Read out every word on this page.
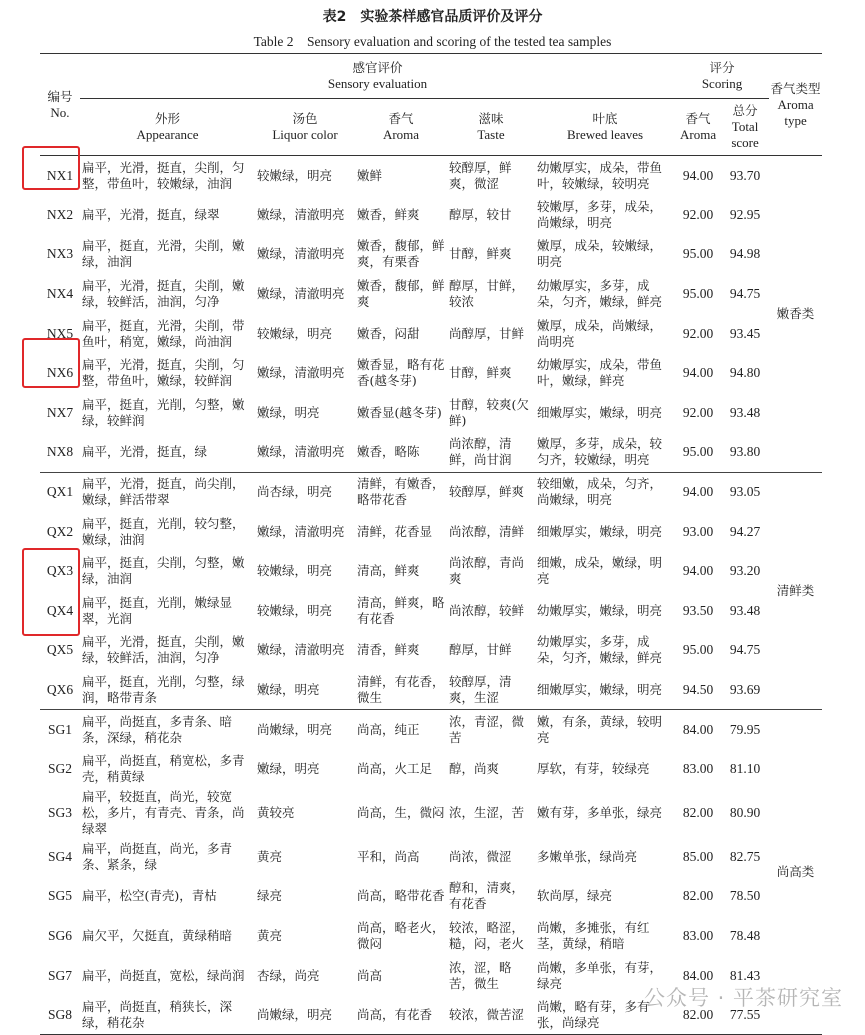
表2　实验茶样感官品质评价及评分
Table 2　Sensory evaluation and scoring of the tested tea samples
编号
No.	感官评价
Sensory evaluation					评分
Scoring		香气类型
Aroma type

	外形
Appearance	汤色
Liquor color	香气
Aroma	滋味
Taste	叶底
Brewed leaves	香气
Aroma	总分
Total score	

NX1	扁平，光滑，挺直，尖削，匀整，带鱼叶，较嫩绿，油润	较嫩绿，明亮	嫩鲜	较醇厚，鲜爽，微涩	幼嫩厚实，成朵，带鱼叶，较嫩绿，较明亮	94.00	93.70	嫩香类
NX2	扁平，光滑，挺直，绿翠	嫩绿，清澈明亮	嫩香，鲜爽	醇厚，较甘	较嫩厚，多芽，成朵，尚嫩绿，明亮	92.00	92.95	
NX3	扁平，挺直，光滑，尖削，嫩绿，油润	嫩绿，清澈明亮	嫩香，馥郁，鲜爽，有栗香	甘醇，鲜爽	嫩厚，成朵，较嫩绿，明亮	95.00	94.98	
NX4	扁平，光滑，挺直，尖削，嫩绿，较鲜活，油润，匀净	嫩绿，清澈明亮	嫩香，馥郁，鲜爽	醇厚，甘鲜，较浓	幼嫩厚实，多芽，成朵，匀齐，嫩绿，鲜亮	95.00	94.75	
NX5	扁平，挺直，光滑，尖削，带鱼叶，稍宽，嫩绿，尚油润	较嫩绿，明亮	嫩香，闷甜	尚醇厚，甘鲜	嫩厚，成朵，尚嫩绿，尚明亮	92.00	93.45	
NX6	扁平，光滑，挺直，尖削，匀整，带鱼叶，嫩绿，较鲜润	嫩绿，清澈明亮	嫩香显，略有花香(越冬芽)	甘醇，鲜爽	幼嫩厚实，成朵，带鱼叶，嫩绿，鲜亮	94.00	94.80	
NX7	扁平，挺直，光削，匀整，嫩绿，较鲜润	嫩绿，明亮	嫩香显(越冬芽)	甘醇，较爽(欠鲜)	细嫩厚实，嫩绿，明亮	92.00	93.48	
NX8	扁平，光滑，挺直，绿	嫩绿，清澈明亮	嫩香，略陈	尚浓醇，清鲜，尚甘润	嫩厚，多芽，成朵，较匀齐，较嫩绿，明亮	95.00	93.80	
QX1	扁平，光滑，挺直，尚尖削，嫩绿，鲜活带翠	尚杏绿，明亮	清鲜，有嫩香，略带花香	较醇厚，鲜爽	较细嫩，成朵，匀齐，尚嫩绿，明亮	94.00	93.05	清鲜类
QX2	扁平，挺直，光削，较匀整，嫩绿，油润	嫩绿，清澈明亮	清鲜，花香显	尚浓醇，清鲜	细嫩厚实，嫩绿，明亮	93.00	94.27	
QX3	扁平，挺直，尖削，匀整，嫩绿，油润	较嫩绿，明亮	清高，鲜爽	尚浓醇，青尚爽	细嫩，成朵，嫩绿，明亮	94.00	93.20	
QX4	扁平，挺直，光削，嫩绿显翠，光润	较嫩绿，明亮	清高，鲜爽，略有花香	尚浓醇，较鲜	幼嫩厚实，嫩绿，明亮	93.50	93.48	
QX5	扁平，光滑，挺直，尖削，嫩绿，较鲜活，油润，匀净	嫩绿，清澈明亮	清香，鲜爽	醇厚，甘鲜	幼嫩厚实，多芽，成朵，匀齐，嫩绿，鲜亮	95.00	94.75	
QX6	扁平，挺直，光削，匀整，绿润，略带青条	嫩绿，明亮	清鲜，有花香，微生	较醇厚，清爽，生涩	细嫩厚实，嫩绿，明亮	94.50	93.69	
SG1	扁平，尚挺直，多青条、暗条，深绿，稍花杂	尚嫩绿，明亮	尚高，纯正	浓，青涩，微苦	嫩，有条，黄绿，较明亮	84.00	79.95	尚高类
SG2	扁平，尚挺直，稍宽松，多青壳，稍黄绿	嫩绿，明亮	尚高，火工足	醇，尚爽	厚软，有芽，较绿亮	83.00	81.10	
SG3	扁平，较挺直，尚光，较宽松，多片，有青壳、青条，尚绿翠	黄较亮	尚高，生，微闷	浓，生涩，苦	嫩有芽，多单张，绿亮	82.00	80.90	
SG4	扁平，尚挺直，尚光，多青条、紧条，绿	黄亮	平和，尚高	尚浓，微涩	多嫩单张，绿尚亮	85.00	82.75	
SG5	扁平，松空(青壳)，青枯	绿亮	尚高，略带花香	醇和，清爽，有花香	软尚厚，绿亮	82.00	78.50	
SG6	扁欠平，欠挺直，黄绿稍暗	黄亮	尚高，略老火，微闷	较浓，略涩，糙，闷，老火	尚嫩，多摊张，有红茎，黄绿，稍暗	83.00	78.48	
SG7	扁平，尚挺直，宽松，绿尚润	杏绿，尚亮	尚高	浓，涩，略苦，微生	尚嫩，多单张，有芽，绿亮	84.00	81.43	
SG8	扁平，尚挺直，稍狭长，深绿，稍花杂	尚嫩绿，明亮	尚高，有花香	较浓，微苦涩	尚嫩，略有芽，多有张，尚绿亮	82.00	77.55	
公众号 · 平茶研究室
